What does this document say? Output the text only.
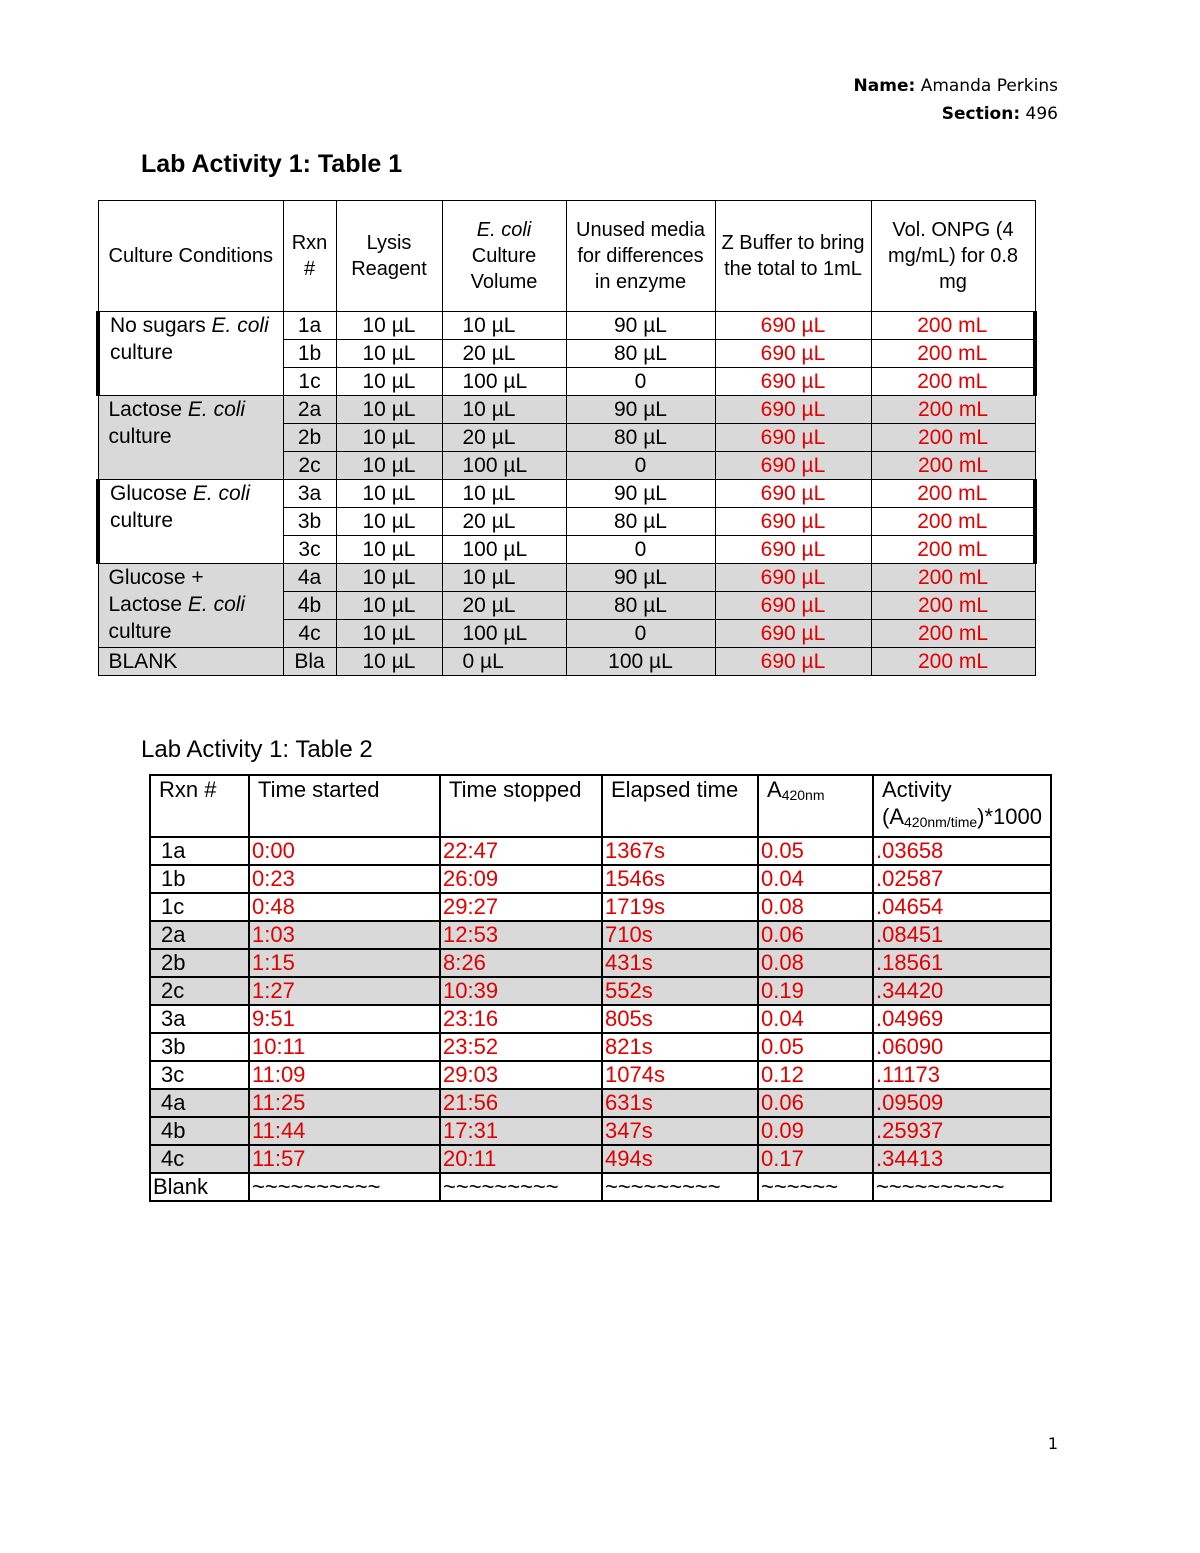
Name: Amanda Perkins
Section: 496
Lab Activity 1: Table 1
Culture Conditions	Rxn #	Lysis Reagent	E. coli Culture Volume	Unused media for differences in enzyme	Z Buffer to bring the total to 1mL	Vol. ONPG (4 mg/mL) for 0.8 mg
No sugars E. coli culture	1a	10 µL	10 µL	90 µL	690 µL	200 mL
	1b	10 µL	20 µL	80 µL	690 µL	200 mL
	1c	10 µL	100 µL	0	690 µL	200 mL
Lactose E. coli culture	2a	10 µL	10 µL	90 µL	690 µL	200 mL
	2b	10 µL	20 µL	80 µL	690 µL	200 mL
	2c	10 µL	100 µL	0	690 µL	200 mL
Glucose E. coli culture	3a	10 µL	10 µL	90 µL	690 µL	200 mL
	3b	10 µL	20 µL	80 µL	690 µL	200 mL
	3c	10 µL	100 µL	0	690 µL	200 mL
Glucose + Lactose E. coli culture	4a	10 µL	10 µL	90 µL	690 µL	200 mL
	4b	10 µL	20 µL	80 µL	690 µL	200 mL
	4c	10 µL	100 µL	0	690 µL	200 mL
BLANK	Bla	10 µL	0 µL	100 µL	690 µL	200 mL
Lab Activity 1: Table 2
Rxn #	Time started	Time stopped	Elapsed time	$A_{420nm}$	Activity
$(A_{420nm/time})*1000$
1a	0:00	22:47	1367s	0.05	.03658
1b	0:23	26:09	1546s	0.04	.02587
1c	0:48	29:27	1719s	0.08	.04654
2a	1:03	12:53	710s	0.06	.08451
2b	1:15	8:26	431s	0.08	.18561
2c	1:27	10:39	552s	0.19	.34420
3a	9:51	23:16	805s	0.04	.04969
3b	10:11	23:52	821s	0.05	.06090
3c	11:09	29:03	1074s	0.12	.11173
4a	11:25	21:56	631s	0.06	.09509
4b	11:44	17:31	347s	0.09	.25937
4c	11:57	20:11	494s	0.17	.34413
Blank	~~~~~~~~~~	~~~~~~~~~	~~~~~~~~~	~~~~~~	~~~~~~~~~~
1
